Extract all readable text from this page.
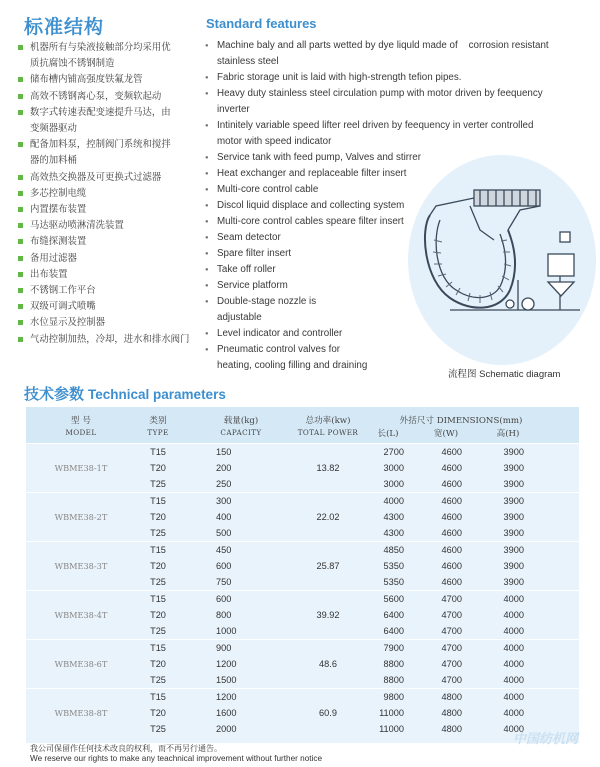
标准结构	Standard features
机器所有与染液接触部分均采用优
质抗腐蚀不锈钢制造
储布槽内铺高强度铁氟龙管
高效不锈钢离心泵，变频软起动
数字式转速表配变速提升马达，由
变频器驱动
配备加料泵，控制阀门系统和搅拌
器的加料桶
高效热交换器及可更换式过滤器
多芯控制电缆
内置摆布装置
马达驱动喷淋清洗装置
布缝探测装置
备用过滤器
出布装置
不锈钢工作平台
双级可调式喷嘴
水位显示及控制器
气动控制加热，冷却，进水和排水阀门
● Machine baly and all parts wetted by dye liquld made of    corrosion resistant
stainless steel
● Fabric storage unit is laid with high-strength tefion pipes.
● Heavy duty stainless steel circulation pump with motor driven by feequency
inverter
● Intinitely variable speed lifter reel driven by feequency in verter controlled
motor with speed indicator
● Service tank with feed pump, Valves and stirrer
● Heat exchanger and replaceable filter insert
● Multi-core control cable
● Discol liquid displace and collecting system
● Multi-core control cables speare filter insert
● Seam detector
● Spare filter insert
● Take off roller
● Service platform
● Double-stage nozzle is
adjustable
● Level indicator and controller
● Pneumatic control valves for
heating, cooling filling and draining
流程图 Schematic diagram
技术参数 Technical parameters
型 号
MODEL
类别
TYPE
载量(kg)
CAPACITY
总功率(kw)
TOTAL POWER
外括尺寸 DIMENSIONS(mm)
长(L)	宽(W)	高(H)
WBME38-1T	13.82
T15	150	2700	4600	3900
T20	200	3000	4600	3900
T25	250	3000	4600	3900
WBME38-2T	22.02
T15	300	4000	4600	3900
T20	400	4300	4600	3900
T25	500	4300	4600	3900
WBME38-3T	25.87
T15	450	4850	4600	3900
T20	600	5350	4600	3900
T25	750	5350	4600	3900
WBME38-4T	39.92
T15	600	5600	4700	4000
T20	800	6400	4700	4000
T25	1000	6400	4700	4000
WBME38-6T	48.6
T15	900	7900	4700	4000
T20	1200	8800	4700	4000
T25	1500	8800	4700	4000
WBME38-8T	60.9
T15	1200	9800	4800	4000
T20	1600	11000	4800	4000
T25	2000	11000	4800	4000
我公司保留作任何技术改良的权利，而不再另行通告。
We reserve our rights to make any teachnical improvement without further notice
中国纺机网
